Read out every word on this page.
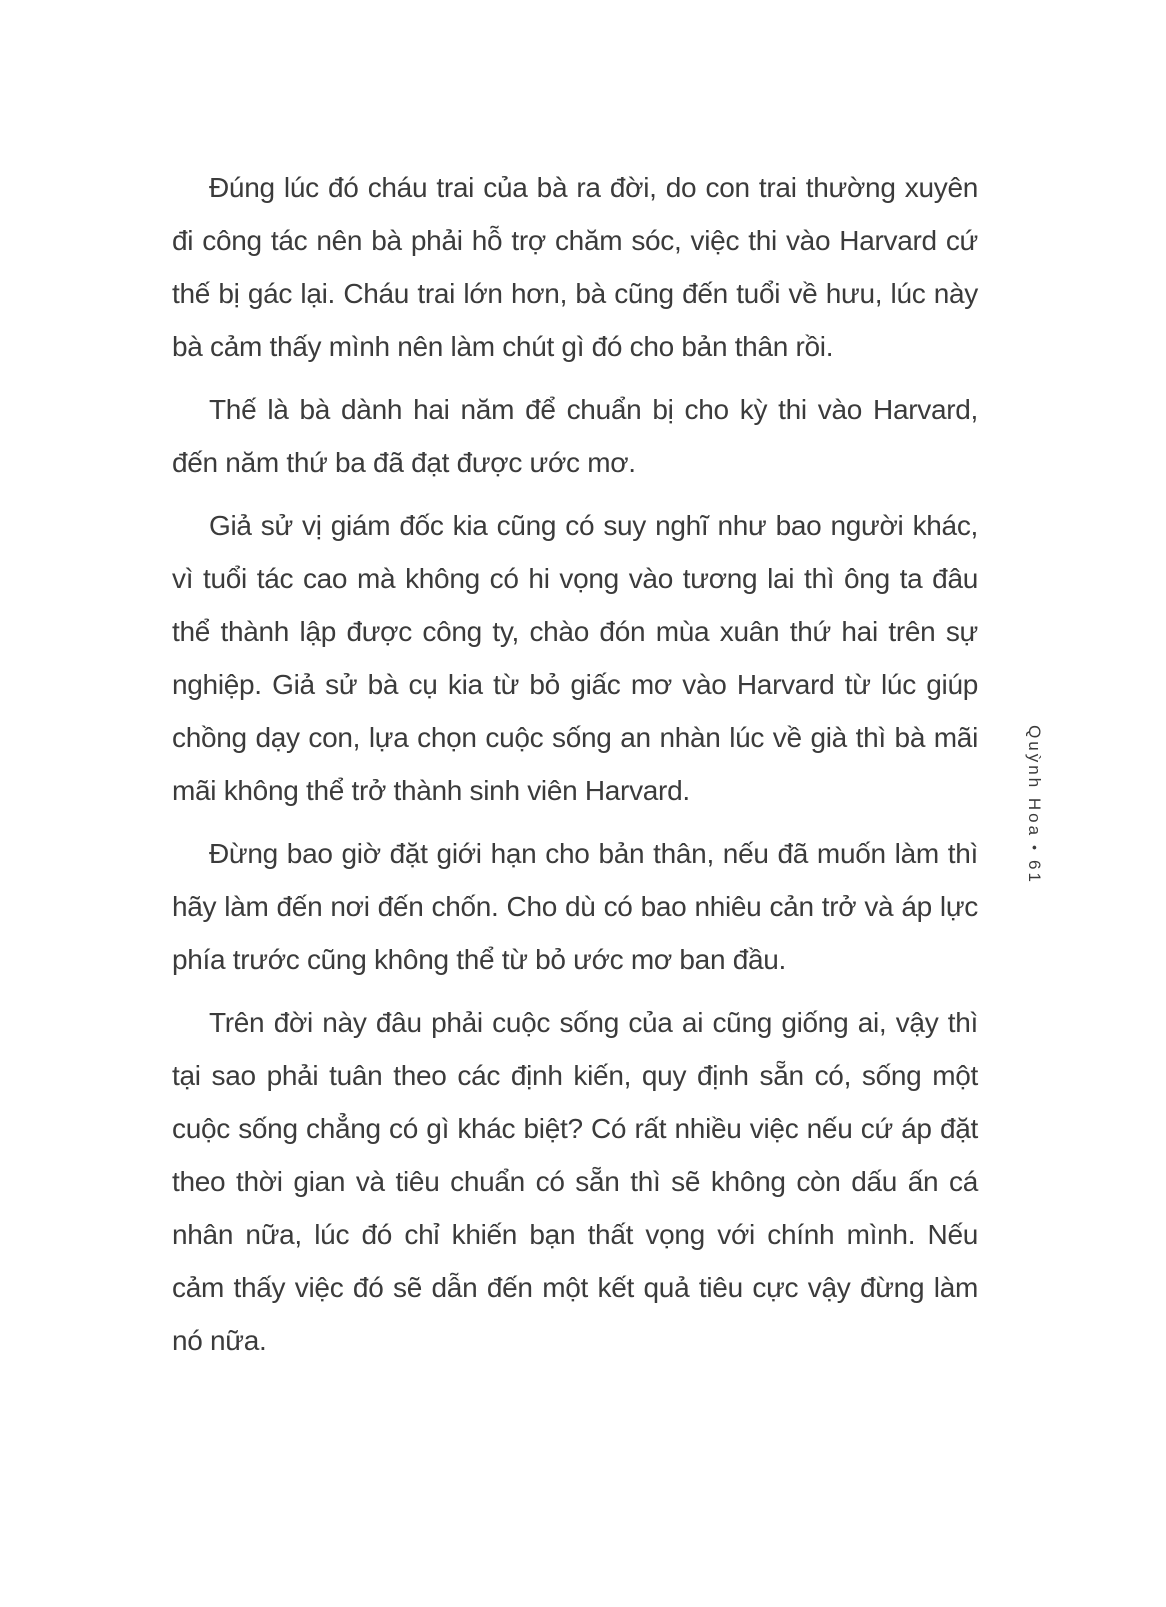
Đúng lúc đó cháu trai của bà ra đời, do con trai thường xuyên đi công tác nên bà phải hỗ trợ chăm sóc, việc thi vào Harvard cứ thế bị gác lại. Cháu trai lớn hơn, bà cũng đến tuổi về hưu, lúc này bà cảm thấy mình nên làm chút gì đó cho bản thân rồi.

Thế là bà dành hai năm để chuẩn bị cho kỳ thi vào Harvard, đến năm thứ ba đã đạt được ước mơ.

Giả sử vị giám đốc kia cũng có suy nghĩ như bao người khác, vì tuổi tác cao mà không có hi vọng vào tương lai thì ông ta đâu thể thành lập được công ty, chào đón mùa xuân thứ hai trên sự nghiệp. Giả sử bà cụ kia từ bỏ giấc mơ vào Harvard từ lúc giúp chồng dạy con, lựa chọn cuộc sống an nhàn lúc về già thì bà mãi mãi không thể trở thành sinh viên Harvard.

Đừng bao giờ đặt giới hạn cho bản thân, nếu đã muốn làm thì hãy làm đến nơi đến chốn. Cho dù có bao nhiêu cản trở và áp lực phía trước cũng không thể từ bỏ ước mơ ban đầu.

Trên đời này đâu phải cuộc sống của ai cũng giống ai, vậy thì tại sao phải tuân theo các định kiến, quy định sẵn có, sống một cuộc sống chẳng có gì khác biệt? Có rất nhiều việc nếu cứ áp đặt theo thời gian và tiêu chuẩn có sẵn thì sẽ không còn dấu ấn cá nhân nữa, lúc đó chỉ khiến bạn thất vọng với chính mình. Nếu cảm thấy việc đó sẽ dẫn đến một kết quả tiêu cực vậy đừng làm nó nữa.

Quỳnh Hoa•61
